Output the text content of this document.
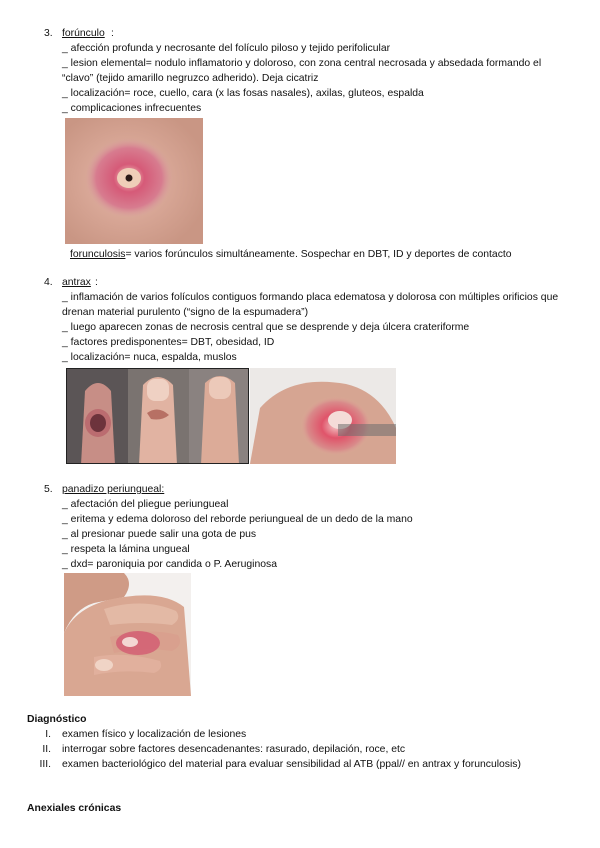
3. forúnculo :
_ afección profunda y necrosante del folículo piloso y tejido perifolicular
_ lesion elemental= nodulo inflamatorio y doloroso, con zona central necrosada y absedada formando el “clavo” (tejido amarillo negruzco adherido). Deja cicatriz
_ localización= roce, cuello, cara (x las fosas nasales), axilas, gluteos, espalda
_ complicaciones infrecuentes
forunculosis= varios forúnculos simultáneamente. Sospechar en DBT, ID y deportes de contacto
4. antrax :
_ inflamación de varios folículos contiguos formando placa edematosa y dolorosa con múltiples orificios que drenan material purulento (“signo de la espumadera”)
_ luego aparecen zonas de necrosis central que se desprende y deja úlcera crateriforme
_ factores predisponentes= DBT, obesidad, ID
_ localización= nuca, espalda, muslos
5. panadizo periungueal:
_ afectación del pliegue periungueal
_ eritema y edema doloroso del reborde periungueal de un dedo de la mano
_ al presionar puede salir una gota de pus
_ respeta la lámina ungueal
_ dxd= paroniquia por candida o P. Aeruginosa
Diagnóstico
I. examen físico y localización de lesiones
II. interrogar sobre factores desencadenantes: rasurado, depilación, roce, etc
III. examen bacteriológico del material para evaluar sensibilidad al ATB (ppal// en antrax y forunculosis)
Anexiales crónicas
